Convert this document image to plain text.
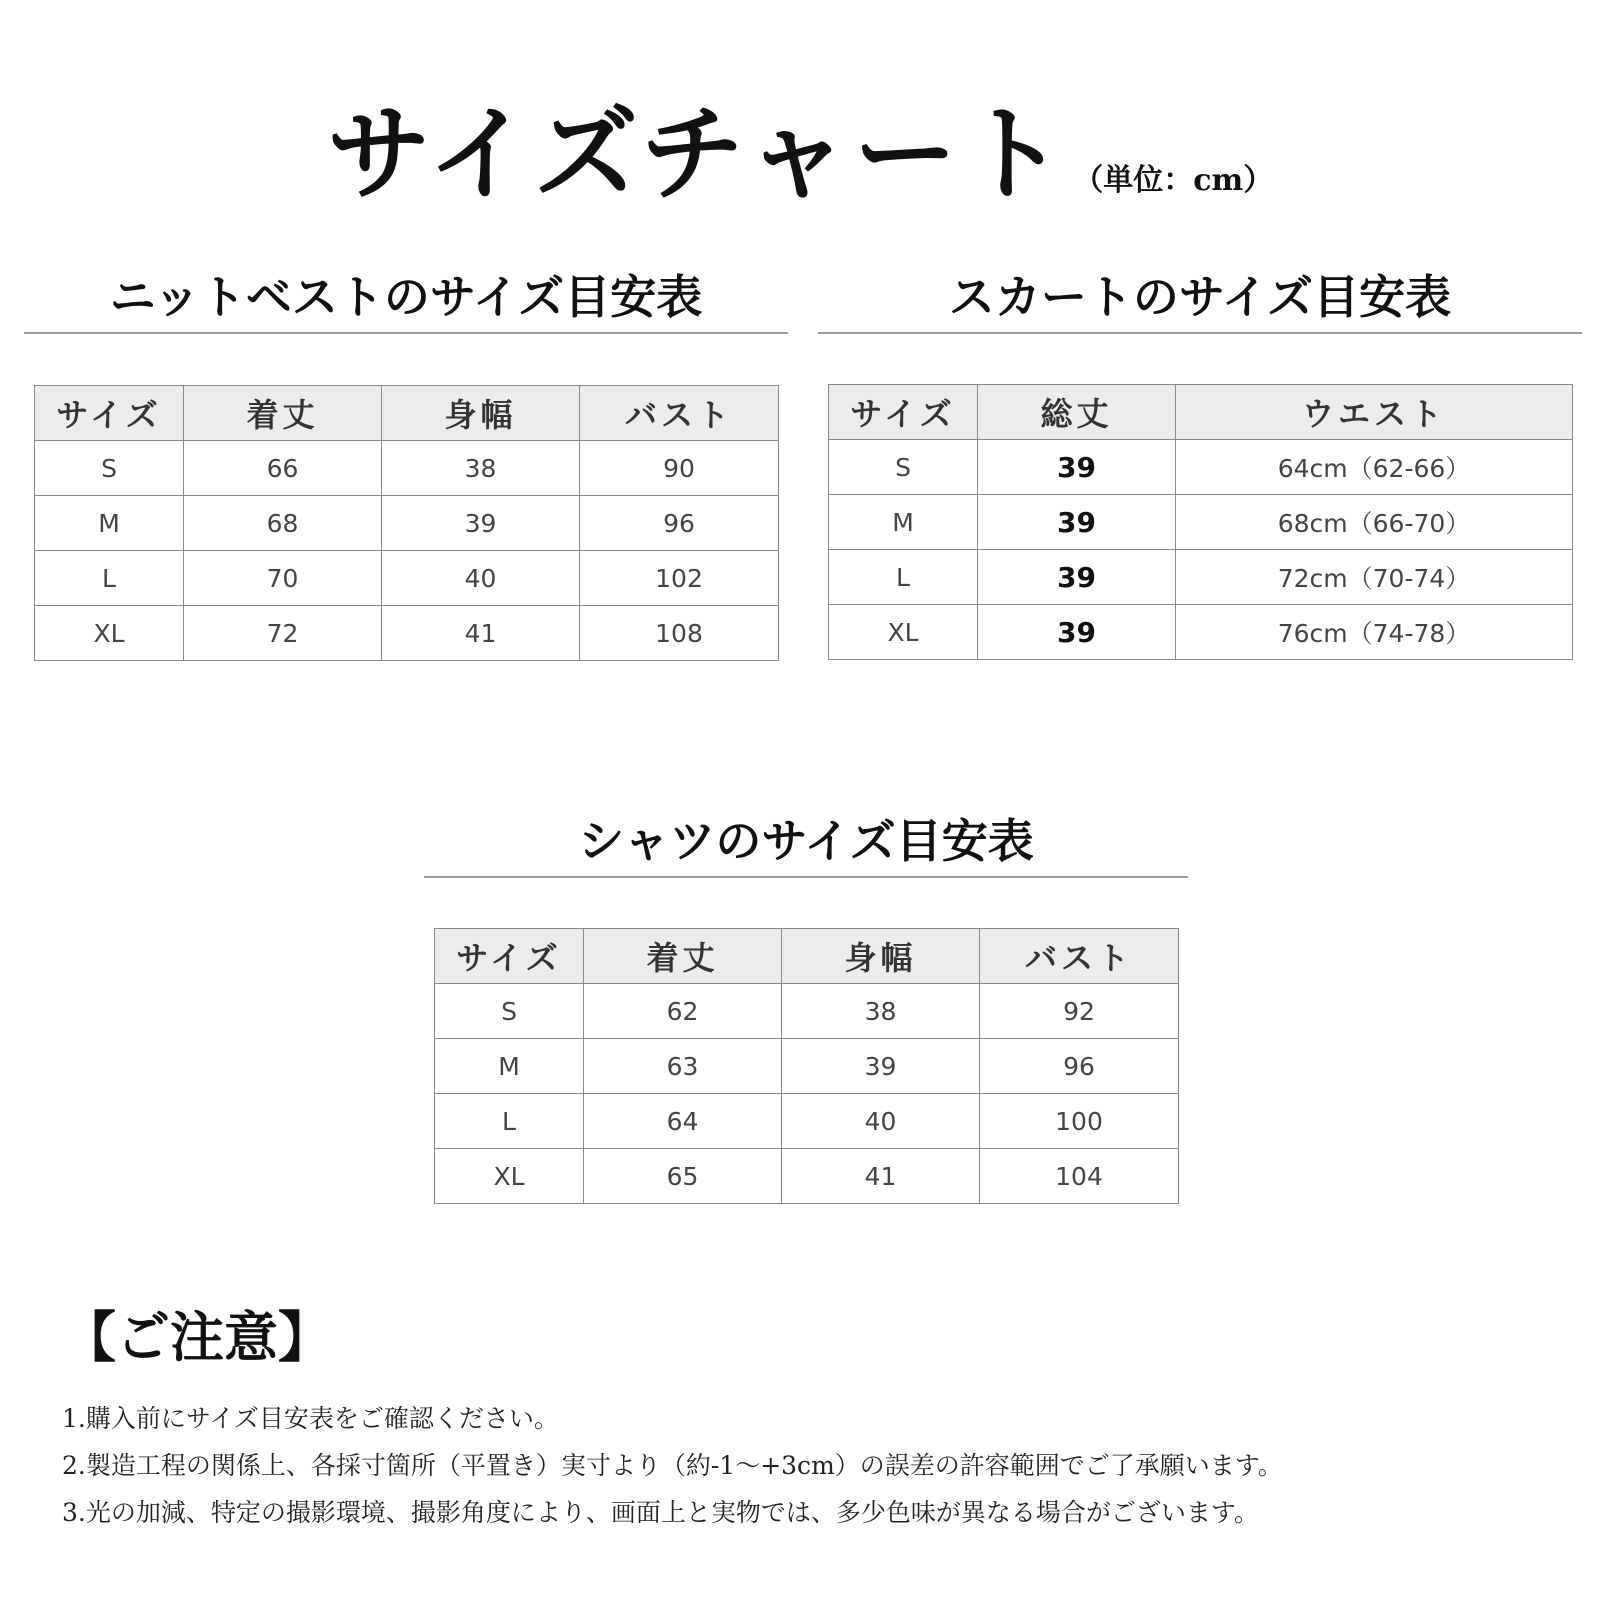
サイズチャート （単位：cm）
ニットベストのサイズ目安表
サイズ	着丈	身幅	バスト
S	66	38	90
M	68	39	96
L	70	40	102
XL	72	41	108
スカートのサイズ目安表
サイズ	総丈	ウエスト
S	39	64cm（62-66）
M	39	68cm（66-70）
L	39	72cm（70-74）
XL	39	76cm（74-78）
シャツのサイズ目安表
サイズ	着丈	身幅	バスト
S	62	38	92
M	63	39	96
L	64	40	100
XL	65	41	104
【ご注意】
1.購入前にサイズ目安表をご確認ください。
2.製造工程の関係上、各採寸箇所（平置き）実寸より（約-1～+3cm）の誤差の許容範囲でご了承願います。
3.光の加減、特定の撮影環境、撮影角度により、画面上と実物では、多少色味が異なる場合がございます。
